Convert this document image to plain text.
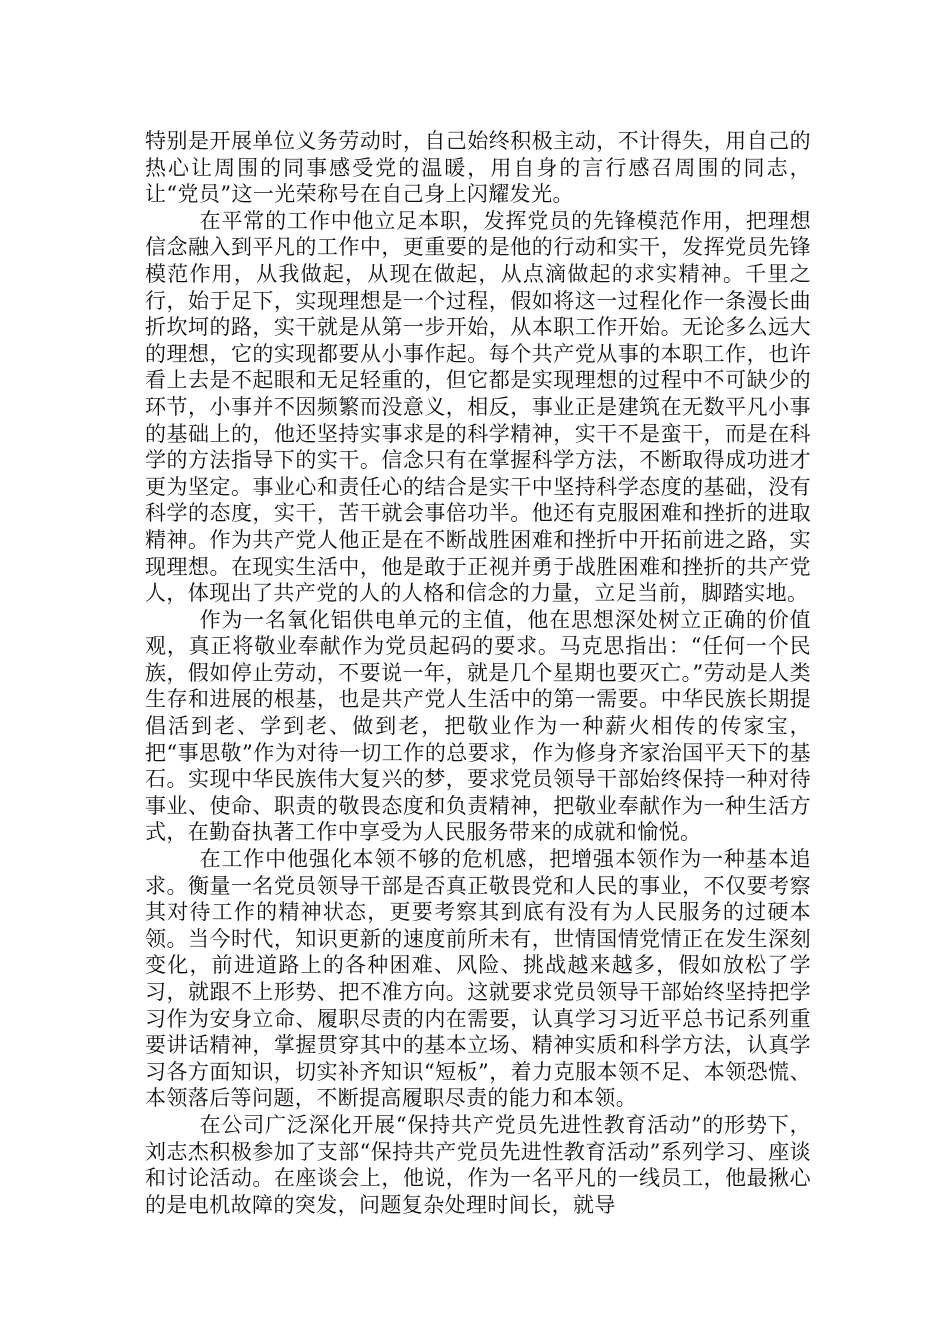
特别是开展单位义务劳动时，自己始终积极主动，不计得失，用自己的热心让周围的同事感受党的温暖，用自身的言行感召周围的同志，让“党员”这一光荣称号在自己身上闪耀发光。

在平常的工作中他立足本职，发挥党员的先锋模范作用，把理想信念融入到平凡的工作中，更重要的是他的行动和实干，发挥党员先锋模范作用，从我做起，从现在做起，从点滴做起的求实精神。千里之行，始于足下，实现理想是一个过程，假如将这一过程化作一条漫长曲折坎坷的路，实干就是从第一步开始，从本职工作开始。无论多么远大的理想，它的实现都要从小事作起。每个共产党从事的本职工作，也许看上去是不起眼和无足轻重的，但它都是实现理想的过程中不可缺少的环节，小事并不因频繁而没意义，相反，事业正是建筑在无数平凡小事的基础上的，他还坚持实事求是的科学精神，实干不是蛮干，而是在科学的方法指导下的实干。信念只有在掌握科学方法，不断取得成功进才更为坚定。事业心和责任心的结合是实干中坚持科学态度的基础，没有科学的态度，实干，苦干就会事倍功半。他还有克服困难和挫折的进取精神。作为共产党人他正是在不断战胜困难和挫折中开拓前进之路，实现理想。在现实生活中，他是敢于正视并勇于战胜困难和挫折的共产党人，体现出了共产党的人的人格和信念的力量，立足当前，脚踏实地。

作为一名氧化铝供电单元的主值，他在思想深处树立正确的价值观，真正将敬业奉献作为党员起码的要求。马克思指出：“任何一个民族，假如停止劳动，不要说一年，就是几个星期也要灭亡。”劳动是人类生存和进展的根基，也是共产党人生活中的第一需要。中华民族长期提倡活到老、学到老、做到老，把敬业作为一种薪火相传的传家宝，把“事思敬”作为对待一切工作的总要求，作为修身齐家治国平天下的基石。实现中华民族伟大复兴的梦，要求党员领导干部始终保持一种对待事业、使命、职责的敬畏态度和负责精神，把敬业奉献作为一种生活方式，在勤奋执著工作中享受为人民服务带来的成就和愉悦。

在工作中他强化本领不够的危机感，把增强本领作为一种基本追求。衡量一名党员领导干部是否真正敬畏党和人民的事业，不仅要考察其对待工作的精神状态，更要考察其到底有没有为人民服务的过硬本领。当今时代，知识更新的速度前所未有，世情国情党情正在发生深刻变化，前进道路上的各种困难、风险、挑战越来越多，假如放松了学习，就跟不上形势、把不准方向。这就要求党员领导干部始终坚持把学习作为安身立命、履职尽责的内在需要，认真学习习近平总书记系列重要讲话精神，掌握贯穿其中的基本立场、精神实质和科学方法，认真学习各方面知识，切实补齐知识“短板”，着力克服本领不足、本领恐慌、本领落后等问题，不断提高履职尽责的能力和本领。

在公司广泛深化开展“保持共产党员先进性教育活动”的形势下，刘志杰积极参加了支部“保持共产党员先进性教育活动”系列学习、座谈和讨论活动。在座谈会上，他说，作为一名平凡的一线员工，他最揪心的是电机故障的突发，问题复杂处理时间长，就导
